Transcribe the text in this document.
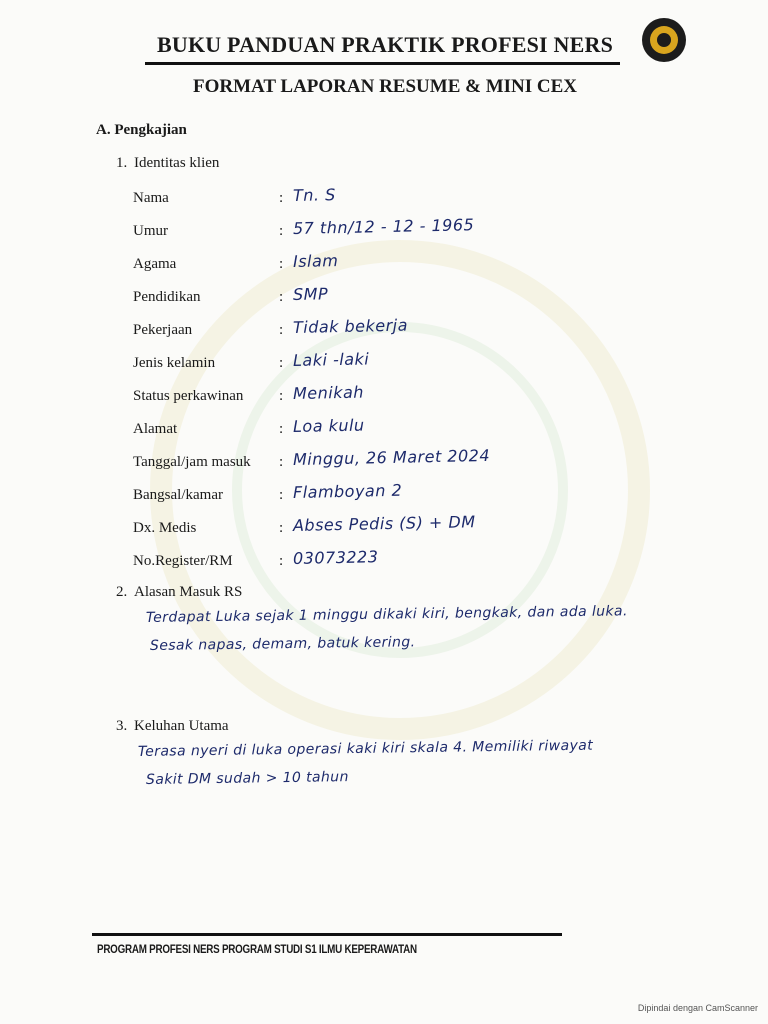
BUKU PANDUAN PRAKTIK PROFESI NERS
FORMAT LAPORAN RESUME & MINI CEX
A. Pengkajian
1. Identitas klien
Nama	: Tn. S
Umur	: 57 thn/12 - 12 - 1965
Agama	: Islam
Pendidikan	: SMP
Pekerjaan	: Tidak bekerja
Jenis kelamin	: Laki -laki
Status perkawinan : Menikah
Alamat	: Loa kulu
Tanggal/jam masuk : Minggu, 26 Maret 2024
Bangsal/kamar	: Flamboyan 2
Dx. Medis	: Abses Pedis (S) + DM
No.Register/RM	: 03073223
2. Alasan Masuk RS
Terdapat Luka sejak 1 minggu dikaki kiri, bengkak, dan ada luka.
Sesak napas, demam, batuk kering.
3. Keluhan Utama
Terasa nyeri di luka operasi kaki kiri skala 4. Memiliki riwayat
Sakit DM sudah > 10 tahun
PROGRAM PROFESI NERS PROGRAM STUDI S1 ILMU KEPERAWATAN
Dipindai dengan CamScanner
